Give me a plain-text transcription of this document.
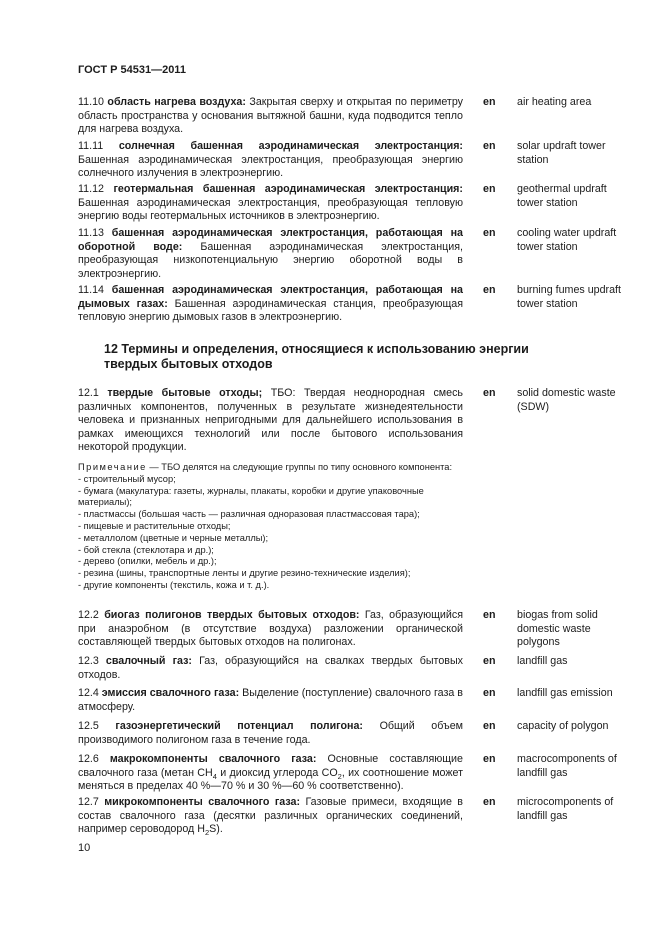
ГОСТ Р 54531—2011
11.10 область нагрева воздуха: Закрытая сверху и открытая по периметру область пространства у основания вытяжной башни, куда подводится тепло для нагрева воздуха.
en air heating area
11.11 солнечная башенная аэродинамическая электростанция: Башенная аэродинамическая электростанция, преобразующая энергию солнечного излучения в электроэнергию.
en solar updraft tower station
11.12 геотермальная башенная аэродинамическая электростанция: Башенная аэродинамическая электростанция, преобразующая тепловую энергию воды геотермальных источников в электроэнергию.
en geothermal updraft tower station
11.13 башенная аэродинамическая электростанция, работающая на оборотной воде: Башенная аэродинамическая электростанция, преобразующая низкопотенциальную энергию оборотной воды в электроэнергию.
en cooling water updraft tower station
11.14 башенная аэродинамическая электростанция, работающая на дымовых газах: Башенная аэродинамическая станция, преобразующая тепловую энергию дымовых газов в электроэнергию.
en burning fumes updraft tower station
12 Термины и определения, относящиеся к использованию энергии твердых бытовых отходов
12.1 твердые бытовые отходы; ТБО: Твердая неоднородная смесь различных компонентов, полученных в результате жизнедеятельности человека и признанных непригодными для дальнейшего использования в рамках имеющихся технологий или после бытового использования некоторой продукции.
en solid domestic waste (SDW)
Примечание — ТБО делятся на следующие группы по типу основного компонента:
- строительный мусор;
- бумага (макулатура: газеты, журналы, плакаты, коробки и другие упаковочные материалы);
- пластмассы (большая часть — различная одноразовая пластмассовая тара);
- пищевые и растительные отходы;
- металлолом (цветные и черные металлы);
- бой стекла (стеклотара и др.);
- дерево (опилки, мебель и др.);
- резина (шины, транспортные ленты и другие резино-технические изделия);
- другие компоненты (текстиль, кожа и т. д.).
12.2 биогаз полигонов твердых бытовых отходов: Газ, образующийся при анаэробном (в отсутствие воздуха) разложении органической составляющей твердых бытовых отходов на полигонах.
en biogas from solid domestic waste polygons
12.3 свалочный газ: Газ, образующийся на свалках твердых бытовых отходов.
en landfill gas
12.4 эмиссия свалочного газа: Выделение (поступление) свалочного газа в атмосферу.
en landfill gas emission
12.5 газоэнергетический потенциал полигона: Общий объем производимого полигоном газа в течение года.
en capacity of polygon
12.6 макрокомпоненты свалочного газа: Основные составляющие свалочного газа (метан $CH_4$ и диоксид углерода $CO_2$, их соотношение может меняться в пределах 40 %—70 % и 30 %—60 % соответственно).
en macrocomponents of landfill gas
12.7 микрокомпоненты свалочного газа: Газовые примеси, входящие в состав свалочного газа (десятки различных органических соединений, например сероводород $H_2S$).
en microcomponents of landfill gas
10
